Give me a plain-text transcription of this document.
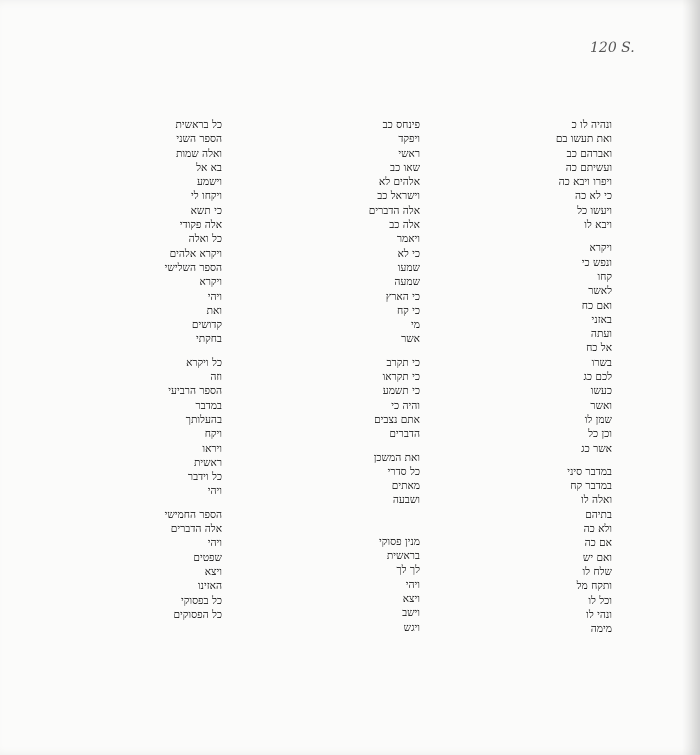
120 S.
ונהיה לו כ
ואת תעשו בם
ואברהם כב
ועשיתם כה
ויפרו ויבא כה
כי לא כה
ויעשו כל
ויבא לו
ויקרא
ונפש כי
קחו
לאשר
ואם כח
באזני
ועתה
אל כח
בשרו
לכם כג
כעשו
ואשר
שמן לו
וכן כל
אשר כג
במדבר סיני
במדבר קח
ואלה לו
בתיהם
ולא כה
אם כה
ואם יש
שלח לו
ותקח מל
וכל לו
ונהי לו
מימה
פינחס כב
ויפקד
ראשי
שאו כב
אלהים לא
וישראל כב
אלה הדברים
אלה כב
ויאמר
כי לא
שמעו
שמעה
כי הארץ
כי קח
מי
אשר
כי תקרב
כי תקראו
כי תשמע
והיה כי
אתם נצבים
הדברים
ואת המשכן
כל סדרי
מאתים
ושבעה
מנין פסוקי
בראשית
לך לך
ויהי
ויצא
וישב
ויגש
כל בראשית
הספר השני
ואלה שמות
בא אל
וישמע
ויקחו לי
כי תשא
אלה פקודי
כל ואלה
ויקרא אלהים
הספר השלישי
ויקרא
ויהי
ואת
קדושים
בחקתי
כל ויקרא
וזה
הספר הרביעי
במדבר
בהעלותך
ויקח
ויראו
ראשית
כל וידבר
ויהי
הספר החמישי
אלה הדברים
ויהי
שפטים
ויצא
האזינו
כל בפסוקי
כל הפסוקים
